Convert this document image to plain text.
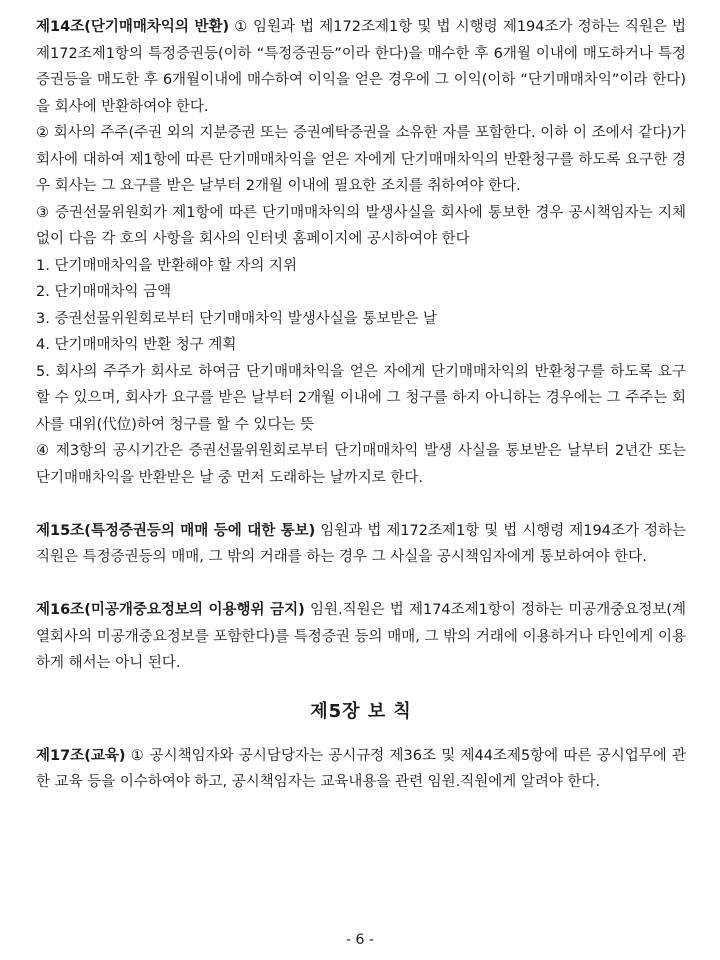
제14조(단기매매차익의 반환) ① 임원과 법 제172조제1항 및 법 시행령 제194조가 정하는 직원은 법 제172조제1항의 특정증권등(이하 “특정증권등”이라 한다)을 매수한 후 6개월 이내에 매도하거나 특정증권등을 매도한 후 6개월이내에 매수하여 이익을 얻은 경우에 그 이익(이하 “단기매매차익”이라 한다)을 회사에 반환하여야 한다.

② 회사의 주주(주권 외의 지분증권 또는 증권예탁증권을 소유한 자를 포함한다. 이하 이 조에서 같다)가 회사에 대하여 제1항에 따른 단기매매차익을 얻은 자에게 단기매매차익의 반환청구를 하도록 요구한 경우 회사는 그 요구를 받은 날부터 2개월 이내에 필요한 조치를 취하여야 한다.

③ 증권선물위원회가 제1항에 따른 단기매매차익의 발생사실을 회사에 통보한 경우 공시책임자는 지체 없이 다음 각 호의 사항을 회사의 인터넷 홈페이지에 공시하여야 한다

1. 단기매매차익을 반환해야 할 자의 지위

2. 단기매매차익 금액

3. 증권선물위원회로부터 단기매매차익 발생사실을 통보받은 날

4. 단기매매차익 반환 청구 계획

5. 회사의 주주가 회사로 하여금 단기매매차익을 얻은 자에게 단기매매차익의 반환청구를 하도록 요구할 수 있으며, 회사가 요구를 받은 날부터 2개월 이내에 그 청구를 하지 아니하는 경우에는 그 주주는 회사를 대위(代位)하여 청구를 할 수 있다는 뜻

④ 제3항의 공시기간은 증권선물위원회로부터 단기매매차익 발생 사실을 통보받은 날부터 2년간 또는 단기매매차익을 반환받은 날 중 먼저 도래하는 날까지로 한다.

제15조(특정증권등의 매매 등에 대한 통보) 임원과 법 제172조제1항 및 법 시행령 제194조가 정하는 직원은 특정증권등의 매매, 그 밖의 거래를 하는 경우 그 사실을 공시책임자에게 통보하여야 한다.

제16조(미공개중요정보의 이용행위 금지) 임원.직원은 법 제174조제1항이 정하는 미공개중요정보(계열회사의 미공개중요정보를 포함한다)를 특정증권 등의 매매, 그 밖의 거래에 이용하거나 타인에게 이용하게 해서는 아니 된다.

제5장 보 칙

제17조(교육) ① 공시책임자와 공시담당자는 공시규정 제36조 및 제44조제5항에 따른 공시업무에 관한 교육 등을 이수하여야 하고, 공시책임자는 교육내용을 관련 임원.직원에게 알려야 한다.

- 6 -
